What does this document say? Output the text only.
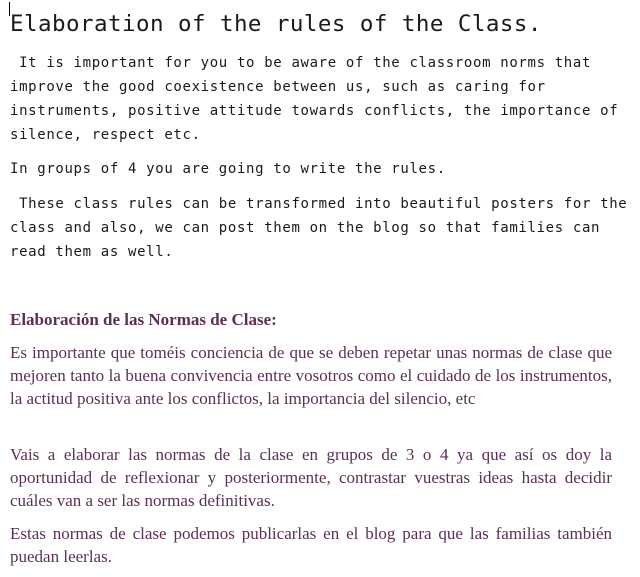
Elaboration of the rules of the Class.
It is important for you to be aware of the classroom norms that
improve the good coexistence between us, such as caring for
instruments, positive attitude towards conflicts, the importance of
silence, respect etc.
In groups of 4 you are going to write the rules.
These class rules can be transformed into beautiful posters for the
class and also, we can post them on the blog so that families can
read them as well.
Elaboración de las Normas de Clase:

Es importante que toméis conciencia de que se deben repetar unas normas de clase que mejoren tanto la buena convivencia entre vosotros como el cuidado de los instrumentos, la actitud positiva ante los conflictos, la importancia del silencio, etc

Vais a elaborar las normas de la clase en grupos de 3 o 4 ya que así os doy la oportunidad de reflexionar y posteriormente, contrastar vuestras ideas hasta decidir cuáles van a ser las normas definitivas.

Estas normas de clase podemos publicarlas en el blog para que las familias también puedan leerlas.
